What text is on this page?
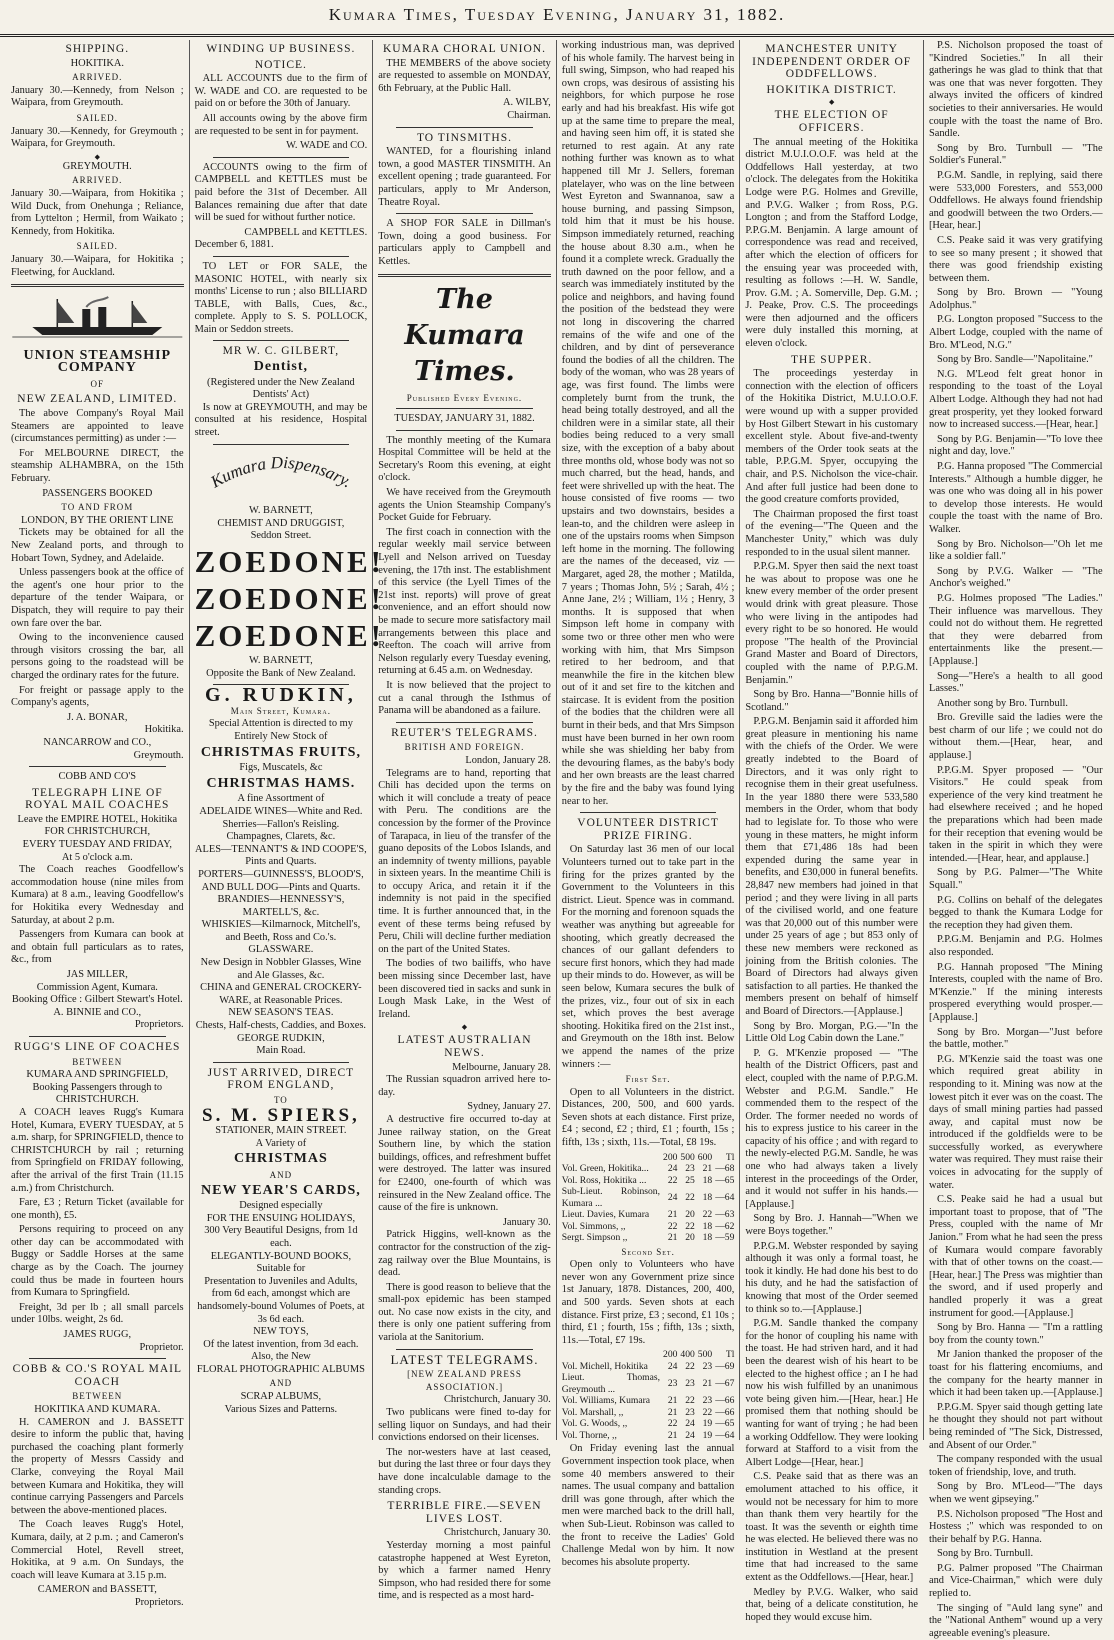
Kumara Times, Tuesday Evening, January 31, 1882.
SHIPPING.
HOKITIKA.
ARRIVED.

January 30.—Kennedy, from Nelson ; Waipara, from Greymouth.

SAILED.

January 30.—Kennedy, for Greymouth ; Waipara, for Greymouth.

◆
GREYMOUTH.
ARRIVED.

January 30.—Waipara, from Hokitika ; Wild Duck, from Onehunga ; Reliance, from Lyttelton ; Hermil, from Waikato ; Kennedy, from Hokitika.

SAILED.

January 30.—Waipara, for Hokitika ; Fleetwing, for Auckland.

UNION STEAMSHIP COMPANY
OF
NEW ZEALAND, LIMITED.

The above Company's Royal Mail Steamers are appointed to leave (circumstances permitting) as under :—

For MELBOURNE DIRECT, the steamship ALHAMBRA, on the 15th February.

PASSENGERS BOOKED
TO AND FROM
LONDON, BY THE ORIENT LINE

Tickets may be obtained for all the New Zealand ports, and through to Hobart Town, Sydney, and Adelaide.

Unless passengers book at the office of the agent's one hour prior to the departure of the tender Waipara, or Dispatch, they will require to pay their own fare over the bar.

Owing to the inconvenience caused through visitors crossing the bar, all persons going to the roadstead will be charged the ordinary rates for the future.

For freight or passage apply to the Company's agents,

J. A. BONAR,
Hokitika.
NANCARROW and CO.,
Greymouth.
COBB AND CO'S
TELEGRAPH LINE OF ROYAL MAIL COACHES
Leave the EMPIRE HOTEL, Hokitika
FOR CHRISTCHURCH,
EVERY TUESDAY AND FRIDAY,
At 5 o'clock a.m.

The Coach reaches Goodfellow's accommodation house (nine miles from Kumara) at 8 a.m., leaving Goodfellow's for Hokitika every Wednesday and Saturday, at about 2 p.m.

Passengers from Kumara can book at and obtain full particulars as to rates, &c., from

JAS MILLER,
Commission Agent, Kumara.
Booking Office : Gilbert Stewart's Hotel.
A. BINNIE and CO.,
Proprietors.
RUGG'S LINE OF COACHES
BETWEEN
KUMARA AND SPRINGFIELD,
Booking Passengers through to
CHRISTCHURCH.

A COACH leaves Rugg's Kumara Hotel, Kumara, EVERY TUESDAY, at 5 a.m. sharp, for SPRINGFIELD, thence to CHRISTCHURCH by rail ; returning from Springfield on FRIDAY following, after the arrival of the first Train (11.15 a.m.) from Christchurch.

Fare, £3 ; Return Ticket (available for one month), £5.

Persons requiring to proceed on any other day can be accommodated with Buggy or Saddle Horses at the same charge as by the Coach. The journey could thus be made in fourteen hours from Kumara to Springfield.

Freight, 3d per lb ; all small parcels under 10lbs. weight, 2s 6d.

JAMES RUGG,
Proprietor.
COBB & CO.'S ROYAL MAIL COACH
BETWEEN
HOKITIKA AND KUMARA.

H. CAMERON and J. BASSETT desire to inform the public that, having purchased the coaching plant formerly the property of Messrs Cassidy and Clarke, conveying the Royal Mail between Kumara and Hokitika, they will continue carrying Passengers and Parcels between the above-mentioned places.

The Coach leaves Rugg's Hotel, Kumara, daily, at 2 p.m. ; and Cameron's Commercial Hotel, Revell street, Hokitika, at 9 a.m. On Sundays, the coach will leave Kumara at 3.15 p.m.

CAMERON and BASSETT,
Proprietors.
WINDING UP BUSINESS.
NOTICE.

ALL ACCOUNTS due to the firm of W. WADE and CO. are requested to be paid on or before the 30th of January.

All accounts owing by the above firm are requested to be sent in for payment.

W. WADE and CO.

ACCOUNTS owing to the firm of CAMPBELL and KETTLES must be paid before the 31st of December. All Balances remaining due after that date will be sued for without further notice.

CAMPBELL and KETTLES.
December 6, 1881.

TO LET or FOR SALE, the MASONIC HOTEL, with nearly six months' License to run ; also BILLIARD TABLE, with Balls, Cues, &c., complete. Apply to S. S. POLLOCK, Main or Seddon streets.

MR W. C. GILBERT,
Dentist,
(Registered under the New Zealand Dentists' Act)

Is now at GREYMOUTH, and may be consulted at his residence, Hospital street.

Kumara Dispensary.
W. BARNETT,
CHEMIST AND DRUGGIST,
Seddon Street.
ZOEDONE!
ZOEDONE!
ZOEDONE!
W. BARNETT,
Opposite the Bank of New Zealand.
G. RUDKIN,
Main Street, Kumara.
Special Attention is directed to my Entirely New Stock of
CHRISTMAS FRUITS,
Figs, Muscatels, &c
CHRISTMAS HAMS.
A fine Assortment of
ADELAIDE WINES—White and Red.
Sherries—Fallon's Reisling.
Champagnes, Clarets, &c.
ALES—TENNANT'S & IND COOPE'S,
Pints and Quarts.
PORTERS—GUINNESS'S, BLOOD'S, AND BULL DOG—Pints and Quarts.
BRANDIES—HENNESSY'S, MARTELL'S, &c.
WHISKIES—Kilmarnock, Mitchell's, and Beeth, Ross and Co.'s.
GLASSWARE.
New Design in Nobbler Glasses, Wine and Ale Glasses, &c.
CHINA and GENERAL CROCKERY-WARE, at Reasonable Prices.
NEW SEASON'S TEAS.
Chests, Half-chests, Caddies, and Boxes.
GEORGE RUDKIN,
Main Road.
JUST ARRIVED, DIRECT FROM ENGLAND,
TO
S. M. SPIERS,
STATIONER, MAIN STREET.
A Variety of
CHRISTMAS
AND
NEW YEAR'S CARDS,
Designed especially
FOR THE ENSUING HOLIDAYS,
300 Very Beautiful Designs, from 1d each.
ELEGANTLY-BOUND BOOKS,
Suitable for
Presentation to Juveniles and Adults, from 6d each, amongst which are handsomely-bound Volumes of Poets, at 3s 6d each.
NEW TOYS,
Of the latest invention, from 3d each.
Also, the New
FLORAL PHOTOGRAPHIC ALBUMS
AND
SCRAP ALBUMS,
Various Sizes and Patterns.
KUMARA CHORAL UNION.

THE MEMBERS of the above society are requested to assemble on MONDAY, 6th February, at the Public Hall.

A. WILBY,
Chairman.
TO TINSMITHS.

WANTED, for a flourishing inland town, a good MASTER TINSMITH. An excellent opening ; trade guaranteed. For particulars, apply to Mr Anderson, Theatre Royal.

A SHOP FOR SALE in Dillman's Town, doing a good business. For particulars apply to Campbell and Kettles.

The Kumara Times.
Published Every Evening.
TUESDAY, JANUARY 31, 1882.

The monthly meeting of the Kumara Hospital Committee will be held at the Secretary's Room this evening, at eight o'clock.

We have received from the Greymouth agents the Union Steamship Company's Pocket Guide for February.

The first coach in connection with the regular weekly mail service between Lyell and Nelson arrived on Tuesday evening, the 17th inst. The establishment of this service (the Lyell Times of the 21st inst. reports) will prove of great convenience, and an effort should now be made to secure more satisfactory mail arrangements between this place and Reefton. The coach will arrive from Nelson regularly every Tuesday evening, returning at 6.45 a.m. on Wednesday.

It is now believed that the project to cut a canal through the Isthmus of Panama will be abandoned as a failure.

REUTER'S TELEGRAMS.
BRITISH AND FOREIGN.
London, January 28.

Telegrams are to hand, reporting that Chili has decided upon the terms on which it will conclude a treaty of peace with Peru. The conditions are the concession by the former of the Province of Tarapaca, in lieu of the transfer of the guano deposits of the Lobos Islands, and an indemnity of twenty millions, payable in sixteen years. In the meantime Chili is to occupy Arica, and retain it if the indemnity is not paid in the specified time. It is further announced that, in the event of these terms being refused by Peru, Chili will decline further mediation on the part of the United States.

The bodies of two bailiffs, who have been missing since December last, have been discovered tied in sacks and sunk in Lough Mask Lake, in the West of Ireland.

◆
LATEST AUSTRALIAN NEWS.
Melbourne, January 28.

The Russian squadron arrived here to-day.

Sydney, January 27.

A destructive fire occurred to-day at Junee railway station, on the Great Southern line, by which the station buildings, offices, and refreshment buffet were destroyed. The latter was insured for £2400, one-fourth of which was reinsured in the New Zealand office. The cause of the fire is unknown.

January 30.

Patrick Higgins, well-known as the contractor for the construction of the zig-zag railway over the Blue Mountains, is dead.

There is good reason to believe that the small-pox epidemic has been stamped out. No case now exists in the city, and there is only one patient suffering from variola at the Sanitorium.

LATEST TELEGRAMS.
[NEW ZEALAND PRESS ASSOCIATION.]
Christchurch, January 30.

Two publicans were fined to-day for selling liquor on Sundays, and had their convictions endorsed on their licenses.

The nor-westers have at last ceased, but during the last three or four days they have done incalculable damage to the standing crops.

TERRIBLE FIRE.—SEVEN LIVES LOST.
Christchurch, January 30.

Yesterday morning a most painful catastrophe happened at West Eyreton, by which a farmer named Henry Simpson, who had resided there for some time, and is respected as a most hard-

working industrious man, was deprived of his whole family. The harvest being in full swing, Simpson, who had reaped his own crops, was desirous of assisting his neighbors, for which purpose he rose early and had his breakfast. His wife got up at the same time to prepare the meal, and having seen him off, it is stated she returned to rest again. At any rate nothing further was known as to what happened till Mr J. Sellers, foreman platelayer, who was on the line between West Eyreton and Swannanoa, saw a house burning, and passing Simpson, told him that it must be his house. Simpson immediately returned, reaching the house about 8.30 a.m., when he found it a complete wreck. Gradually the truth dawned on the poor fellow, and a search was immediately instituted by the police and neighbors, and having found the position of the bedstead they were not long in discovering the charred remains of the wife and one of the children, and by dint of perseverance found the bodies of all the children. The body of the woman, who was 28 years of age, was first found. The limbs were completely burnt from the trunk, the head being totally destroyed, and all the children were in a similar state, all their bodies being reduced to a very small size, with the exception of a baby about three months old, whose body was not so much charred, but the head, hands, and feet were shrivelled up with the heat. The house consisted of five rooms — two upstairs and two downstairs, besides a lean-to, and the children were asleep in one of the upstairs rooms when Simpson left home in the morning. The following are the names of the deceased, viz — Margaret, aged 28, the mother ; Matilda, 7 years ; Thomas John, 5½ ; Sarah, 4½ ; Anne Jane, 2½ ; William, 1½ ; Henry, 3 months. It is supposed that when Simpson left home in company with some two or three other men who were working with him, that Mrs Simpson retired to her bedroom, and that meanwhile the fire in the kitchen blew out of it and set fire to the kitchen and staircase. It is evident from the position of the bodies that the children were all burnt in their beds, and that Mrs Simpson must have been burned in her own room while she was shielding her baby from the devouring flames, as the baby's body and her own breasts are the least charred by the fire and the baby was found lying near to her.

VOLUNTEER DISTRICT PRIZE FIRING.

On Saturday last 36 men of our local Volunteers turned out to take part in the firing for the prizes granted by the Government to the Volunteers in this district. Lieut. Spence was in command. For the morning and forenoon squads the weather was anything but agreeable for shooting, which greatly decreased the chances of our gallant defenders to secure first honors, which they had made up their minds to do. However, as will be seen below, Kumara secures the bulk of the prizes, viz., four out of six in each set, which proves the best average shooting. Hokitika fired on the 21st inst., and Greymouth on the 18th inst. Below we append the names of the prize winners :—

First Set.

Open to all Volunteers in the district. Distances, 200, 500, and 600 yards. Seven shots at each distance. First prize, £4 ; second, £2 ; third, £1 ; fourth, 15s ; fifth, 13s ; sixth, 11s.—Total, £8 19s.

	200	500	600	Tl
Vol. Green, Hokitika...	24	23	21	—68
Vol. Ross, Hokitika ...	22	25	18	—65
Sub-Lieut. Robinson, Kumara ...	24	22	18	—64
Lieut. Davies, Kumara	21	20	22	—63
Vol. Simmons, ,,	22	22	18	—62
Sergt. Simpson ,,	21	20	18	—59
Second Set.

Open only to Volunteers who have never won any Government prize since 1st January, 1878. Distances, 200, 400, and 500 yards. Seven shots at each distance. First prize, £3 ; second, £1 10s ; third, £1 ; fourth, 15s ; fifth, 13s ; sixth, 11s.—Total, £7 19s.

	200	400	500	Tl
Vol. Michell, Hokitika	24	22	23	—69
Lieut. Thomas, Greymouth ...	23	23	21	—67
Vol. Williams, Kumara	21	22	23	—66
Vol. Marshall, ,,	21	23	22	—66
Vol. G. Woods, ,,	22	24	19	—65
Vol. Thorne, ,,	21	24	19	—64

On Friday evening last the annual Government inspection took place, when some 40 members answered to their names. The usual company and battalion drill was gone through, after which the men were marched back to the drill hall, when Sub-Lieut. Robinson was called to the front to receive the Ladies' Gold Challenge Medal won by him. It now becomes his absolute property.

MANCHESTER UNITY INDEPENDENT ORDER OF ODDFELLOWS.
HOKITIKA DISTRICT.
◆
THE ELECTION OF OFFICERS.

The annual meeting of the Hokitika district M.U.I.O.O.F. was held at the Oddfellows Hall yesterday, at two o'clock. The delegates from the Hokitika Lodge were P.G. Holmes and Greville, and P.V.G. Walker ; from Ross, P.G. Longton ; and from the Stafford Lodge, P.P.G.M. Benjamin. A large amount of correspondence was read and received, after which the election of officers for the ensuing year was proceeded with, resulting as follows :—H. W. Sandle, Prov. G.M. ; A. Somerville, Dep. G.M. ; J. Peake, Prov. C.S. The proceedings were then adjourned and the officers were duly installed this morning, at eleven o'clock.

THE SUPPER.

The proceedings yesterday in connection with the election of officers of the Hokitika District, M.U.I.O.O.F. were wound up with a supper provided by Host Gilbert Stewart in his customary excellent style. About five-and-twenty members of the Order took seats at the table, P.P.G.M. Spyer, occupying the chair, and P.S. Nicholson the vice-chair. And after full justice had been done to the good creature comforts provided,

The Chairman proposed the first toast of the evening—"The Queen and the Manchester Unity," which was duly responded to in the usual silent manner.

P.P.G.M. Spyer then said the next toast he was about to propose was one he knew every member of the order present would drink with great pleasure. Those who were living in the antipodes had every right to be so honored. He would propose "The health of the Provincial Grand Master and Board of Directors, coupled with the name of P.P.G.M. Benjamin."

Song by Bro. Hanna—"Bonnie hills of Scotland."

P.P.G.M. Benjamin said it afforded him great pleasure in mentioning his name with the chiefs of the Order. We were greatly indebted to the Board of Directors, and it was only right to recognise them in their great usefulness. In the year 1880 there were 533,580 members in the Order, whom that body had to legislate for. To those who were young in these matters, he might inform them that £71,486 18s had been expended during the same year in benefits, and £30,000 in funeral benefits. 28,847 new members had joined in that period ; and they were living in all parts of the civilised world, and one feature was that 20,000 out of this number were under 25 years of age ; but 853 only of these new members were reckoned as joining from the British colonies. The Board of Directors had always given satisfaction to all parties. He thanked the members present on behalf of himself and Board of Directors.—[Applause.]

Song by Bro. Morgan, P.G.—"In the Little Old Log Cabin down the Lane."

P. G. M'Kenzie proposed — "The health of the District Officers, past and elect, coupled with the name of P.P.G.M. Webster and P.G.M. Sandle." He commended them to the respect of the Order. The former needed no words of his to express justice to his career in the capacity of his office ; and with regard to the newly-elected P.G.M. Sandle, he was one who had always taken a lively interest in the proceedings of the Order, and it would not suffer in his hands.—[Applause.]

Song by Bro. J. Hannah—"When we were Boys together."

P.P.G.M. Webster responded by saying although it was only a formal toast, he took it kindly. He had done his best to do his duty, and he had the satisfaction of knowing that most of the Order seemed to think so to.—[Applause.]

P.G.M. Sandle thanked the company for the honor of coupling his name with the toast. He had striven hard, and it had been the dearest wish of his heart to be elected to the highest office ; an I he had now his wish fulfilled by an unanimous vote being given him.—[Hear, hear.] He promised them that nothing should be wanting for want of trying ; he had been a working Oddfellow. They were looking forward at Stafford to a visit from the Albert Lodge—[Hear, hear.]

C.S. Peake said that as there was an emolument attached to his office, it would not be necessary for him to more than thank them very heartily for the toast. It was the seventh or eighth time he was elected. He believed there was no institution in Westland at the present time that had increased to the same extent as the Oddfellows.—[Hear, hear.]

Medley by P.V.G. Walker, who said that, being of a delicate constitution, he hoped they would excuse him.

P.S. Nicholson proposed the toast of "Kindred Societies." In all their gatherings he was glad to think that that was one that was never forgotten. They always invited the officers of kindred societies to their anniversaries. He would couple with the toast the name of Bro. Sandle.

Song by Bro. Turnbull — "The Soldier's Funeral."

P.G.M. Sandle, in replying, said there were 533,000 Foresters, and 553,000 Oddfellows. He always found friendship and goodwill between the two Orders.—[Hear, hear.]

C.S. Peake said it was very gratifying to see so many present ; it showed that there was good friendship existing between them.

Song by Bro. Brown — "Young Adolphus."

P.G. Longton proposed "Success to the Albert Lodge, coupled with the name of Bro. M'Leod, N.G."

Song by Bro. Sandle—"Napolitaine."

N.G. M'Leod felt great honor in responding to the toast of the Loyal Albert Lodge. Although they had not had great prosperity, yet they looked forward now to increased success.—[Hear, hear.]

Song by P.G. Benjamin—"To love thee night and day, love."

P.G. Hanna proposed "The Commercial Interests." Although a humble digger, he was one who was doing all in his power to develop those interests. He would couple the toast with the name of Bro. Walker.

Song by Bro. Nicholson—"Oh let me like a soldier fall."

Song by P.V.G. Walker — "The Anchor's weighed."

P.G. Holmes proposed "The Ladies." Their influence was marvellous. They could not do without them. He regretted that they were debarred from entertainments like the present.—[Applause.]

Song—"Here's a health to all good Lasses."

Another song by Bro. Turnbull.

Bro. Greville said the ladies were the best charm of our life ; we could not do without them.—[Hear, hear, and applause.]

P.P.G.M. Spyer proposed — "Our Visitors." He could speak from experience of the very kind treatment he had elsewhere received ; and he hoped the preparations which had been made for their reception that evening would be taken in the spirit in which they were intended.—[Hear, hear, and applause.]

Song by P.G. Palmer—"The White Squall."

P.G. Collins on behalf of the delegates begged to thank the Kumara Lodge for the reception they had given them.

P.P.G.M. Benjamin and P.G. Holmes also responded.

P.G. Hannah proposed "The Mining Interests, coupled with the name of Bro. M'Kenzie." If the mining interests prospered everything would prosper.—[Applause.]

Song by Bro. Morgan—"Just before the battle, mother."

P.G. M'Kenzie said the toast was one which required great ability in responding to it. Mining was now at the lowest pitch it ever was on the coast. The days of small mining parties had passed away, and capital must now be introduced if the goldfields were to be successfully worked, as everywhere water was required. They must raise their voices in advocating for the supply of water.

C.S. Peake said he had a usual but important toast to propose, that of "The Press, coupled with the name of Mr Janion." From what he had seen the press of Kumara would compare favorably with that of other towns on the coast.—[Hear, hear.] The Press was mightier than the sword, and if used properly and handled properly it was a great instrument for good.—[Applause.]

Song by Bro. Hanna — "I'm a rattling boy from the county town."

Mr Janion thanked the proposer of the toast for his flattering encomiums, and the company for the hearty manner in which it had been taken up.—[Applause.]

P.P.G.M. Spyer said though getting late he thought they should not part without being reminded of "The Sick, Distressed, and Absent of our Order."

The company responded with the usual token of friendship, love, and truth.

Song by Bro. M'Leod—"The days when we went gipseying."

P.S. Nicholson proposed "The Host and Hostess ;" which was responded to on their behalf by P.G. Hanna.

Song by Bro. Turnbull.

P.G. Palmer proposed "The Chairman and Vice-Chairman," which were duly replied to.

The singing of "Auld lang syne" and the "National Anthem" wound up a very agreeable evening's pleasure.
